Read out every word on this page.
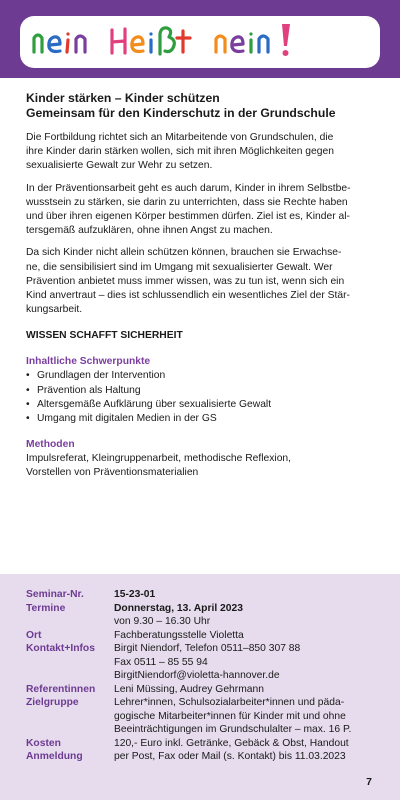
Kinder stärken – Kinder schützen
Gemeinsam für den Kinderschutz in der Grundschule
Die Fortbildung richtet sich an Mitarbeitende von Grundschulen, die
ihre Kinder darin stärken wollen, sich mit ihren Möglichkeiten gegen
sexualisierte Gewalt zur Wehr zu setzen.
In der Präventionsarbeit geht es auch darum, Kinder in ihrem Selbstbe-
wusstsein zu stärken, sie darin zu unterrichten, dass sie Rechte haben
und über ihren eigenen Körper bestimmen dürfen. Ziel ist es, Kinder al-
tersgemäß aufzuklären, ohne ihnen Angst zu machen.
Da sich Kinder nicht allein schützen können, brauchen sie Erwachse-
ne, die sensibilisiert sind im Umgang mit sexualisierter Gewalt. Wer
Prävention anbietet muss immer wissen, was zu tun ist, wenn sich ein
Kind anvertraut – dies ist schlussendlich ein wesentliches Ziel der Stär-
kungsarbeit.
WISSEN SCHAFFT SICHERHEIT
Inhaltliche Schwerpunkte
• Grundlagen der Intervention
• Prävention als Haltung
• Altersgemäße Aufklärung über sexualisierte Gewalt
• Umgang mit digitalen Medien in der GS
Methoden
Impulsreferat, Kleingruppenarbeit, methodische Reflexion,
Vorstellen von Präventionsmaterialien
Seminar-Nr.	15-23-01
Termine	Donnerstag, 13. April 2023
von 9.30 – 16.30 Uhr
Ort	Fachberatungsstelle Violetta
Kontakt+Infos	Birgit Niendorf, Telefon 0511–850 307 88
Fax 0511 – 85 55 94
BirgitNiendorf@violetta-hannover.de
Referentinnen	Leni Müssing, Audrey Gehrmann
Zielgruppe	Lehrer*innen, Schulsozialarbeiter*innen und päda-
gogische Mitarbeiter*innen für Kinder mit und ohne
Beeinträchtigungen im Grundschulalter – max. 16 P.
Kosten	120,- Euro inkl. Getränke, Gebäck & Obst, Handout
Anmeldung	per Post, Fax oder Mail (s. Kontakt) bis 11.03.2023
7
